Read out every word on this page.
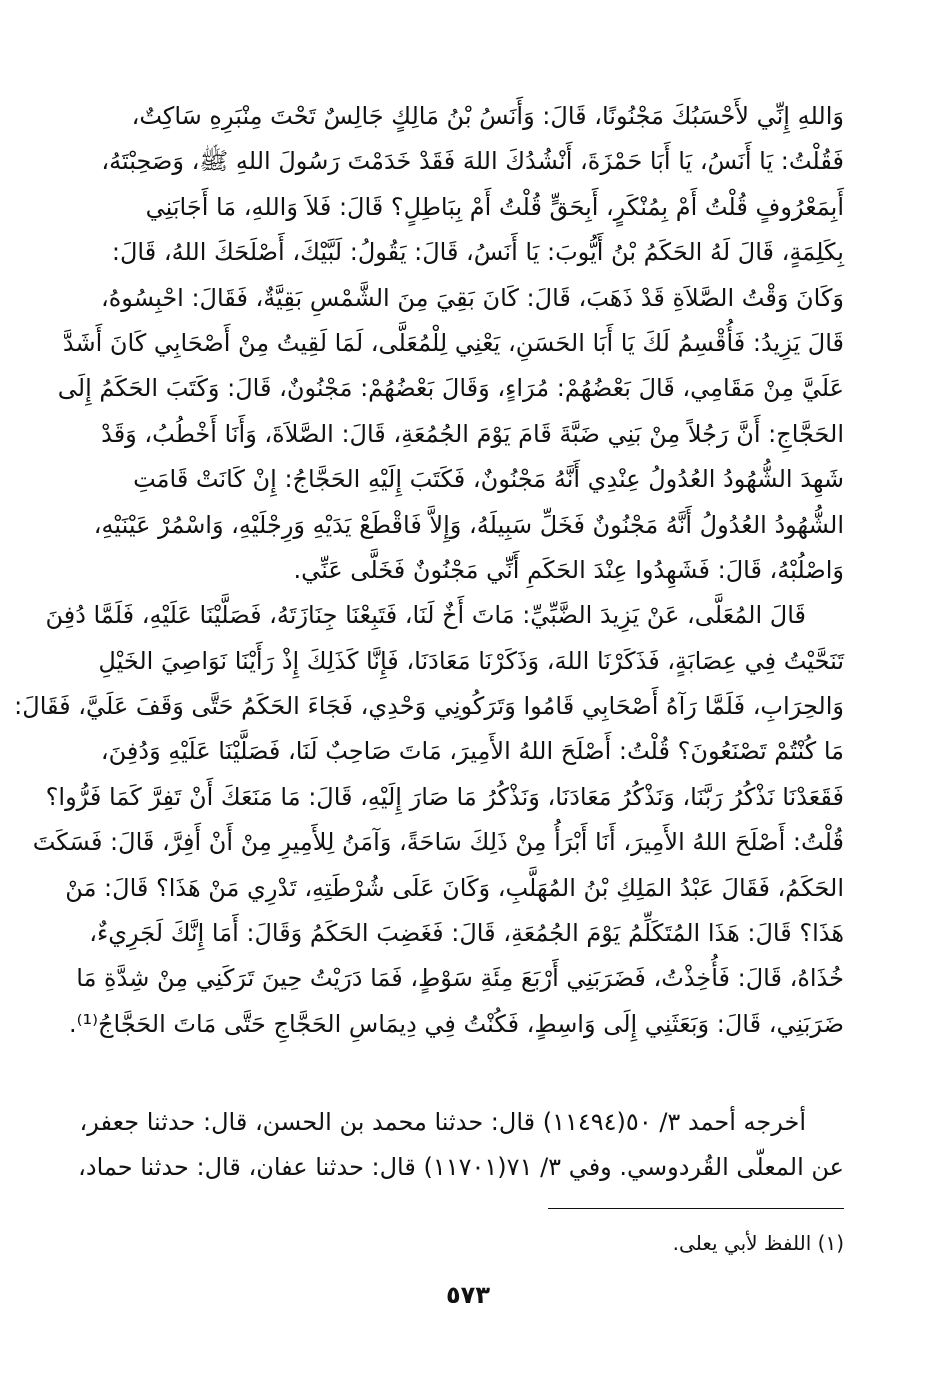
وَاللهِ إِنِّي لأَحْسَبُكَ مَجْنُونًا، قَالَ: وَأَنَسُ بْنُ مَالِكٍ جَالِسٌ تَحْتَ مِنْبَرِهِ سَاكِتٌ،
فَقُلْتُ: يَا أَنَسُ، يَا أَبَا حَمْزَةَ، أَنْشُدُكَ اللهَ فَقَدْ خَدَمْتَ رَسُولَ اللهِ ﷺ، وَصَحِبْتَهُ،
أَبِمَعْرُوفٍ قُلْتُ أَمْ بِمُنْكَرٍ، أَبِحَقٍّ قُلْتُ أَمْ بِبَاطِلٍ؟ قَالَ: فَلاَ وَاللهِ، مَا أَجَابَنِي
بِكَلِمَةٍ، قَالَ لَهُ الحَكَمُ بْنُ أَيُّوبَ: يَا أَنَسُ، قَالَ: يَقُولُ: لَبَّيْكَ، أَصْلَحَكَ اللهُ، قَالَ:
وَكَانَ وَقْتُ الصَّلاَةِ قَدْ ذَهَبَ، قَالَ: كَانَ بَقِيَ مِنَ الشَّمْسِ بَقِيَّةٌ، فَقَالَ: احْبِسُوهُ،
قَالَ يَزِيدُ: فَأُقْسِمُ لَكَ يَا أَبَا الحَسَنِ، يَعْنِي لِلْمُعَلَّى، لَمَا لَقِيتُ مِنْ أَصْحَابِي كَانَ أَشَدَّ
عَلَيَّ مِنْ مَقَامِي، قَالَ بَعْضُهُمْ: مُرَاءٍ، وَقَالَ بَعْضُهُمْ: مَجْنُونٌ، قَالَ: وَكَتَبَ الحَكَمُ إِلَى
الحَجَّاجِ: أَنَّ رَجُلاً مِنْ بَنِي ضَبَّةَ قَامَ يَوْمَ الجُمُعَةِ، قَالَ: الصَّلاَةَ، وَأَنَا أَخْطُبُ، وَقَدْ
شَهِدَ الشُّهُودُ العُدُولُ عِنْدِي أَنَّهُ مَجْنُونٌ، فَكَتَبَ إِلَيْهِ الحَجَّاجُ: إِنْ كَانَتْ قَامَتِ
الشُّهُودُ العُدُولُ أَنَّهُ مَجْنُونٌ فَخَلِّ سَبِيلَهُ، وَإِلاَّ فَاقْطَعْ يَدَيْهِ وَرِجْلَيْهِ، وَاسْمُرْ عَيْنَيْهِ،
وَاصْلُبْهُ، قَالَ: فَشَهِدُوا عِنْدَ الحَكَمِ أَنِّي مَجْنُونٌ فَخَلَّى عَنِّي.
قَالَ المُعَلَّى، عَنْ يَزِيدَ الضَّبِّيِّ: مَاتَ أَخٌ لَنَا، فَتَبِعْنَا جِنَازَتَهُ، فَصَلَّيْنَا عَلَيْهِ، فَلَمَّا دُفِنَ
تَنَحَّيْتُ فِي عِصَابَةٍ، فَذَكَرْنَا اللهَ، وَذَكَرْنَا مَعَادَنَا، فَإِنَّا كَذَلِكَ إِذْ رَأَيْنَا نَوَاصِيَ الخَيْلِ
وَالحِرَابِ، فَلَمَّا رَآهُ أَصْحَابِي قَامُوا وَتَرَكُونِي وَحْدِي، فَجَاءَ الحَكَمُ حَتَّى وَقَفَ عَلَيَّ، فَقَالَ:
مَا كُنْتُمْ تَصْنَعُونَ؟ قُلْتُ: أَصْلَحَ اللهُ الأَمِيرَ، مَاتَ صَاحِبٌ لَنَا، فَصَلَّيْنَا عَلَيْهِ وَدُفِنَ،
فَقَعَدْنَا نَذْكُرُ رَبَّنَا، وَنَذْكُرُ مَعَادَنَا، وَنَذْكُرُ مَا صَارَ إِلَيْهِ، قَالَ: مَا مَنَعَكَ أَنْ تَفِرَّ كَمَا فَرُّوا؟
قُلْتُ: أَصْلَحَ اللهُ الأَمِيرَ، أَنَا أَبْرَأُ مِنْ ذَلِكَ سَاحَةً، وَآمَنُ لِلأَمِيرِ مِنْ أَنْ أَفِرَّ، قَالَ: فَسَكَتَ
الحَكَمُ، فَقَالَ عَبْدُ المَلِكِ بْنُ المُهَلَّبِ، وَكَانَ عَلَى شُرْطَتِهِ، تَدْرِي مَنْ هَذَا؟ قَالَ: مَنْ
هَذَا؟ قَالَ: هَذَا المُتَكَلِّمُ يَوْمَ الجُمُعَةِ، قَالَ: فَغَضِبَ الحَكَمُ وَقَالَ: أَمَا إِنَّكَ لَجَرِيءٌ،
خُذَاهُ، قَالَ: فَأُخِذْتُ، فَضَرَبَنِي أَرْبَعَ مِئَةِ سَوْطٍ، فَمَا دَرَيْتُ حِينَ تَرَكَنِي مِنْ شِدَّةِ مَا
ضَرَبَنِي، قَالَ: وَبَعَثَنِي إِلَى وَاسِطٍ، فَكُنْتُ فِي دِيمَاسِ الحَجَّاجِ حَتَّى مَاتَ الحَجَّاجُ⁽¹⁾.
أخرجه أحمد ٣/ ٥٠(١١٤٩٤) قال: حدثنا محمد بن الحسن، قال: حدثنا جعفر،
عن المعلّى القُردوسي. وفي ٣/ ٧١(١١٧٠١) قال: حدثنا عفان، قال: حدثنا حماد،
(١) اللفظ لأبي يعلى.
٥٧٣
